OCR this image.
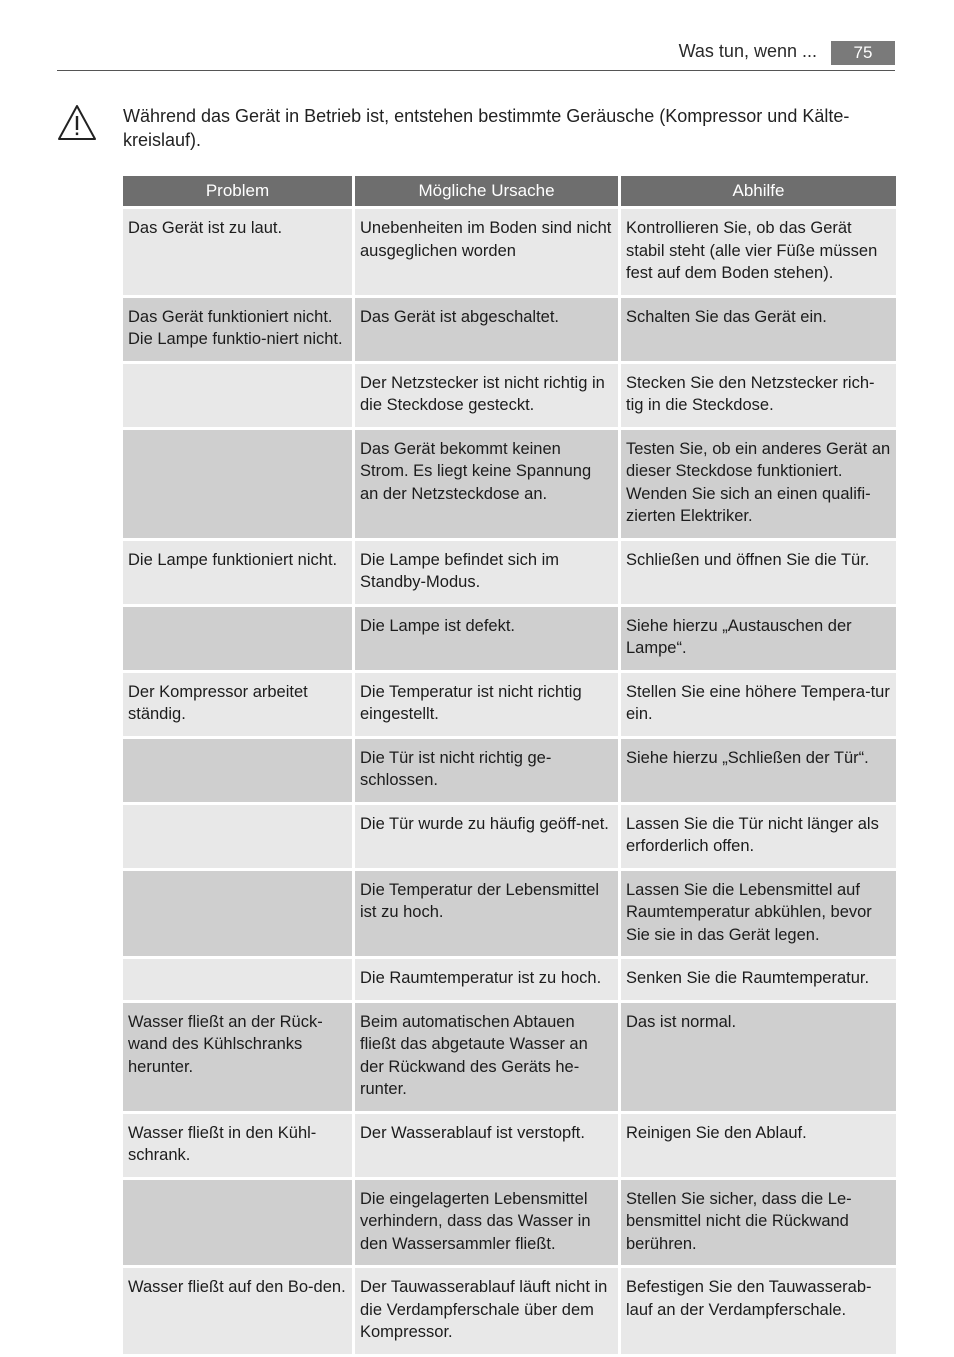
Was tun, wenn ...	75
Während das Gerät in Betrieb ist, entstehen bestimmte Geräusche (Kompressor und Kälte-kreislauf).
Problem	Mögliche Ursache	Abhilfe
Das Gerät ist zu laut.	Unebenheiten im Boden sind nicht ausgeglichen worden	Kontrollieren Sie, ob das Gerät stabil steht (alle vier Füße müssen fest auf dem Boden stehen).
Das Gerät funktioniert nicht. Die Lampe funktio-niert nicht.	Das Gerät ist abgeschaltet.	Schalten Sie das Gerät ein.
	Der Netzstecker ist nicht richtig in die Steckdose gesteckt.	Stecken Sie den Netzstecker rich-tig in die Steckdose.
	Das Gerät bekommt keinen Strom. Es liegt keine Spannung an der Netzsteckdose an.	Testen Sie, ob ein anderes Gerät an dieser Steckdose funktioniert. Wenden Sie sich an einen qualifi-zierten Elektriker.
Die Lampe funktioniert nicht.	Die Lampe befindet sich im Standby-Modus.	Schließen und öffnen Sie die Tür.
	Die Lampe ist defekt.	Siehe hierzu „Austauschen der Lampe“.
Der Kompressor arbeitet ständig.	Die Temperatur ist nicht richtig eingestellt.	Stellen Sie eine höhere Tempera-tur ein.
	Die Tür ist nicht richtig ge-schlossen.	Siehe hierzu „Schließen der Tür“.
	Die Tür wurde zu häufig geöff-net.	Lassen Sie die Tür nicht länger als erforderlich offen.
	Die Temperatur der Lebensmittel ist zu hoch.	Lassen Sie die Lebensmittel auf Raumtemperatur abkühlen, bevor Sie sie in das Gerät legen.
	Die Raumtemperatur ist zu hoch.	Senken Sie die Raumtemperatur.
Wasser fließt an der Rück-wand des Kühlschranks herunter.	Beim automatischen Abtauen fließt das abgetaute Wasser an der Rückwand des Geräts he-runter.	Das ist normal.
Wasser fließt in den Kühl-schrank.	Der Wasserablauf ist verstopft.	Reinigen Sie den Ablauf.
	Die eingelagerten Lebensmittel verhindern, dass das Wasser in den Wassersammler fließt.	Stellen Sie sicher, dass die Le-bensmittel nicht die Rückwand berühren.
Wasser fließt auf den Bo-den.	Der Tauwasserablauf läuft nicht in die Verdampferschale über dem Kompressor.	Befestigen Sie den Tauwasserab-lauf an der Verdampferschale.
